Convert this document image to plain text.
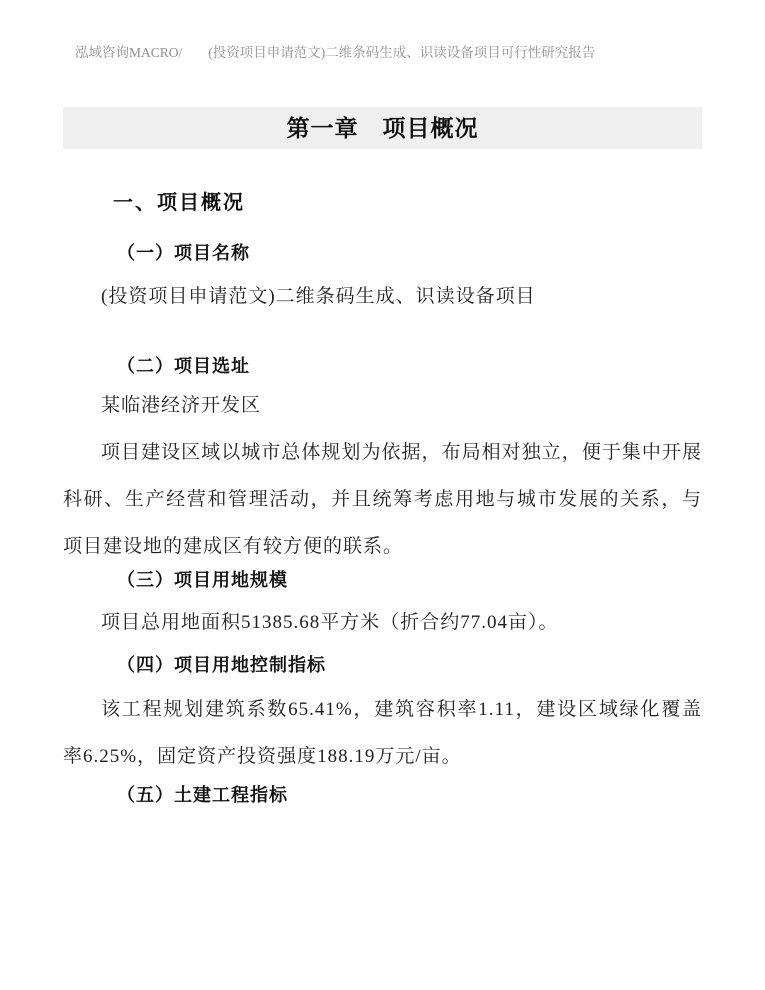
泓域咨询MACRO/ (投资项目申请范文)二维条码生成、识读设备项目可行性研究报告
第一章　项目概况
一、项目概况
（一）项目名称

(投资项目申请范文)二维条码生成、识读设备项目

（二）项目选址

某临港经济开发区

项目建设区域以城市总体规划为依据，布局相对独立，便于集中开展科研、生产经营和管理活动，并且统筹考虑用地与城市发展的关系，与项目建设地的建成区有较方便的联系。

（三）项目用地规模

项目总用地面积51385.68平方米（折合约77.04亩）。

（四）项目用地控制指标

该工程规划建筑系数65.41%，建筑容积率1.11，建设区域绿化覆盖率6.25%，固定资产投资强度188.19万元/亩。

（五）土建工程指标
